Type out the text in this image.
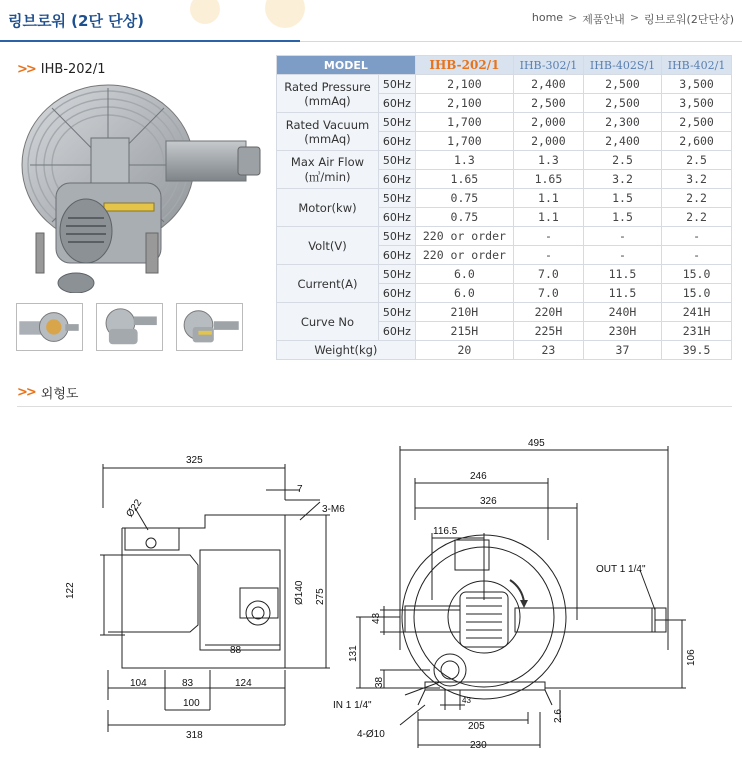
링브로워 (2단 단상)	home > 제품안내 > 링브로워(2단단상)
>> IHB-202/1	MODEL		IHB-202/1	IHB-302/1	IHB-402S/1	IHB-402/1

Rated Pressure
(mmAq)	50Hz	2,100	2,400	2,500	3,500
	60Hz	2,100	2,500	2,500	3,500

Rated Vacuum
(mmAq)	50Hz	1,700	2,000	2,300	2,500
	60Hz	1,700	2,000	2,400	2,600

Max Air Flow
(㎥/min)	50Hz	1.3	1.3	2.5	2.5
	60Hz	1.65	1.65	3.2	3.2

Motor(kw)	50Hz	0.75	1.1	1.5	2.2
	60Hz	0.75	1.1	1.5	2.2

Volt(V)	50Hz	220 or order	-	-	-
	60Hz	220 or order	-	-	-

Current(A)	50Hz	6.0	7.0	11.5	15.0
	60Hz	6.0	7.0	11.5	15.0

Curve No	50Hz	210H	220H	240H	241H
	60Hz	215H	225H	230H	231H
Weight(kg)		20	23	37	39.5
>> 외형도
325
7
3-M6
Ø22
122	Ø140 275
88
104	83	124
100
318
495
246
326
116.5
OUT 1 1/4"
43
131
38
106
IN 1 1/4"	43
2.6
205
4-Ø10
230
